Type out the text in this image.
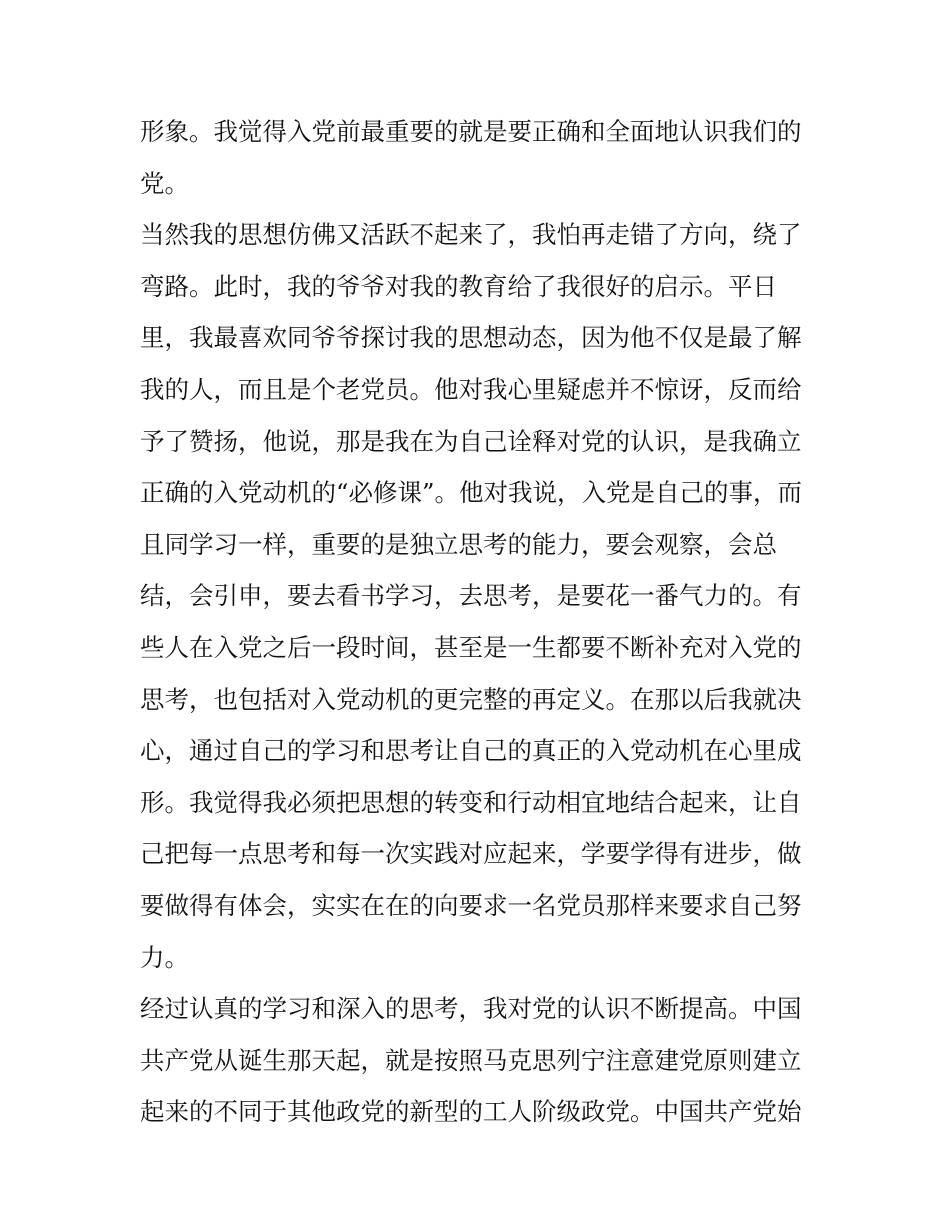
形象。我觉得入党前最重要的就是要正确和全面地认识我们的
党。
当然我的思想仿佛又活跃不起来了，我怕再走错了方向，绕了
弯路。此时，我的爷爷对我的教育给了我很好的启示。平日
里，我最喜欢同爷爷探讨我的思想动态，因为他不仅是最了解
我的人，而且是个老党员。他对我心里疑虑并不惊讶，反而给
予了赞扬，他说，那是我在为自己诠释对党的认识，是我确立
正确的入党动机的“必修课”。他对我说，入党是自己的事，而
且同学习一样，重要的是独立思考的能力，要会观察，会总
结，会引申，要去看书学习，去思考，是要花一番气力的。有
些人在入党之后一段时间，甚至是一生都要不断补充对入党的
思考，也包括对入党动机的更完整的再定义。在那以后我就决
心，通过自己的学习和思考让自己的真正的入党动机在心里成
形。我觉得我必须把思想的转变和行动相宜地结合起来，让自
己把每一点思考和每一次实践对应起来，学要学得有进步，做
要做得有体会，实实在在的向要求一名党员那样来要求自己努
力。
经过认真的学习和深入的思考，我对党的认识不断提高。中国
共产党从诞生那天起，就是按照马克思列宁注意建党原则建立
起来的不同于其他政党的新型的工人阶级政党。中国共产党始
